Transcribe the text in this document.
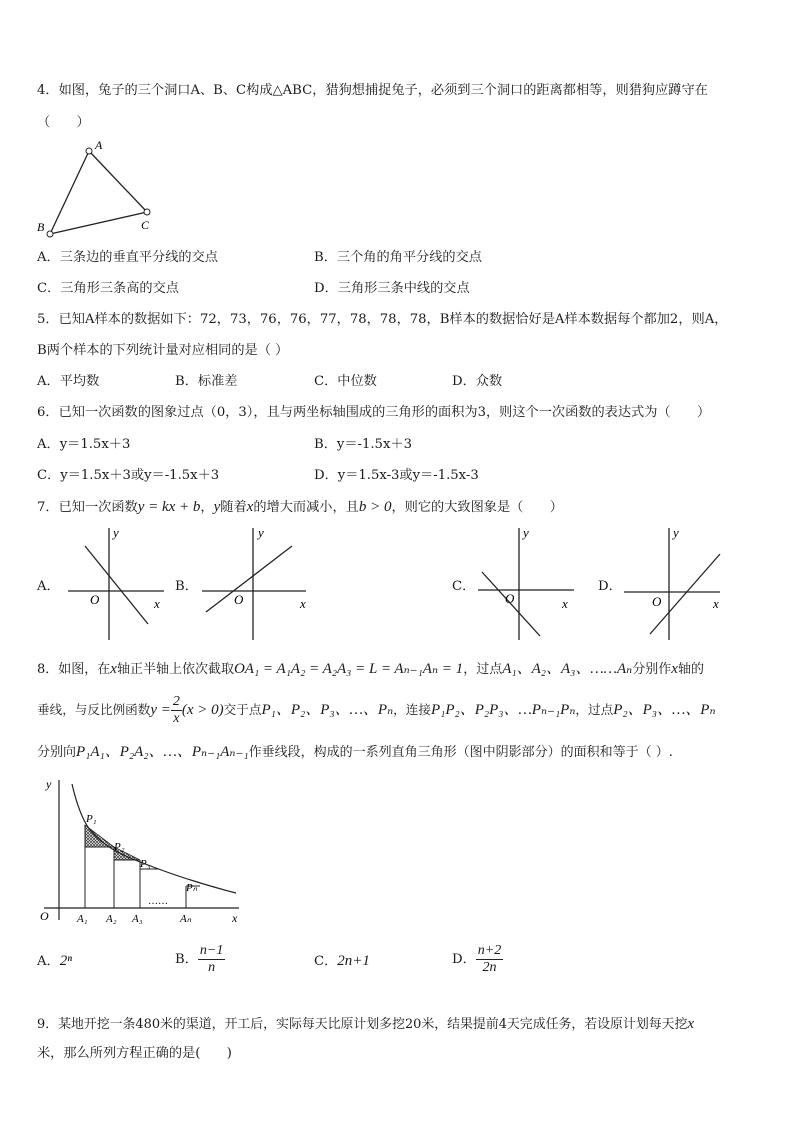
4．如图，兔子的三个洞口A、B、C构成△ABC，猎狗想捕捉兔子，必须到三个洞口的距离都相等，则猎狗应蹲守在
（　　）
A
B	C
A．三条边的垂直平分线的交点	B．三个角的角平分线的交点
C．三角形三条高的交点	D．三角形三条中线的交点
5．已知A样本的数据如下：72，73，76，76，77，78，78，78，B样本的数据恰好是A样本数据每个都加2，则A，
B两个样本的下列统计量对应相同的是（ ）
A．平均数	B．标准差	C．中位数	D．众数
6．已知一次函数的图象过点（0，3），且与两坐标轴围成的三角形的面积为3，则这个一次函数的表达式为（　　）
A．y＝1.5x＋3	B．y＝-1.5x＋3
C．y＝1.5x＋3或y＝-1.5x＋3	D．y＝1.5x-3或y＝-1.5x-3
7．已知一次函数y = kx + b，y随着x的增大而减小，且b > 0，则它的大致图象是（　　）
A．
y
x
O
B．
y
x
O
C．
y
x
O
D．
y
x
O
8．如图，在x轴正半轴上依次截取OA₁ = A₁A₂ = A₂A₃ = L = Aₙ₋₁Aₙ = 1，过点A₁、A₂、A₃、……Aₙ分别作x轴的
垂线，与反比例函数$y = \frac{2}{x} (x > 0)$交于点P₁、P₂、P₃、…、Pₙ，连接P₁P₂、P₂P₃、…Pₙ₋₁Pₙ，过点P₂、P₃、…、Pₙ
分别向P₁A₁、P₂A₂、…、Pₙ₋₁Aₙ₋₁作垂线段，构成的一系列直角三角形（图中阴影部分）的面积和等于（ ）.
y
x
O
P₁
P₂
P₃
Pₙ
A₁ A₂ A₃	Aₙ
……
A．2ⁿ	B． $\frac{n-1}{n}$	C．2n+1	D． $\frac{n+2}{2n}$
9．某地开挖一条480米的渠道，开工后，实际每天比原计划多挖20米，结果提前4天完成任务，若设原计划每天挖x
米，那么所列方程正确的是(　　)
